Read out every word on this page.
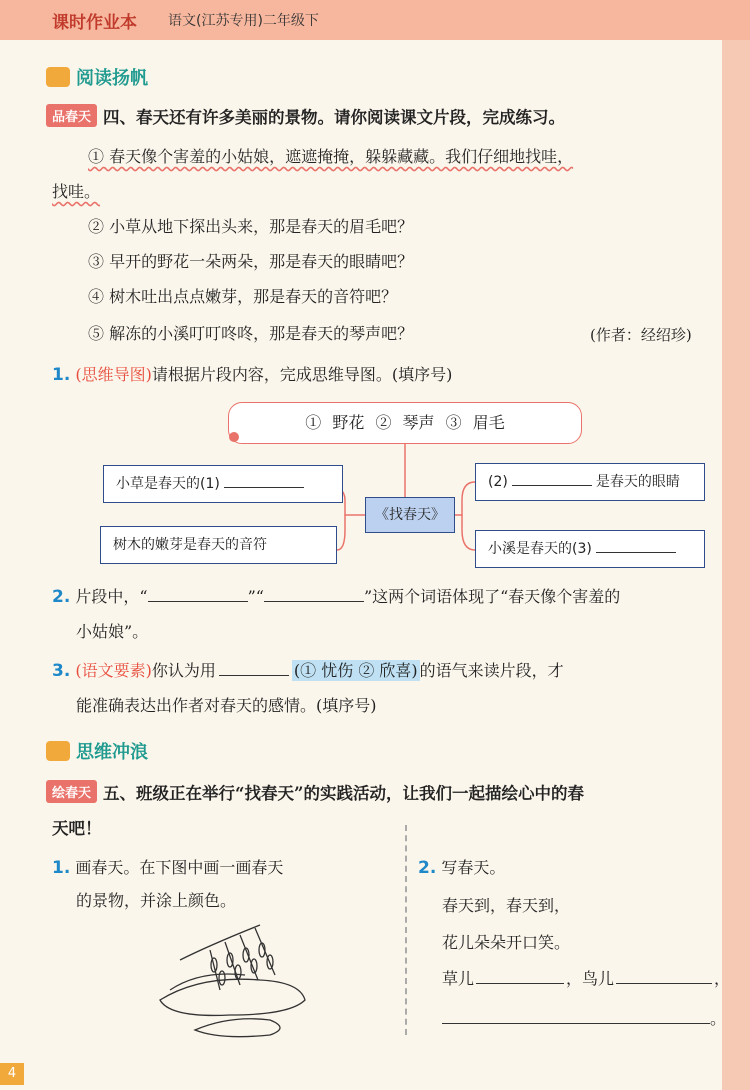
课时作业本 语文(江苏专用)二年级下
阅读扬帆
品春天 四、春天还有许多美丽的景物。请你阅读课文片段，完成练习。
① 春天像个害羞的小姑娘，遮遮掩掩，躲躲藏藏。我们仔细地找哇，
找哇。
② 小草从地下探出头来，那是春天的眉毛吧？
③ 早开的野花一朵两朵，那是春天的眼睛吧？
④ 树木吐出点点嫩芽，那是春天的音符吧？
⑤ 解冻的小溪叮叮咚咚，那是春天的琴声吧？	(作者：经绍珍)
1. (思维导图)请根据片段内容，完成思维导图。(填序号)
① 野花 ② 琴声 ③ 眉毛
小草是春天的(1)	(2)	是春天的眼睛
《找春天》
树木的嫩芽是春天的音符	小溪是春天的(3)
2. 片段中，“	”“	”这两个词语体现了“春天像个害羞的
小姑娘”。
3. (语文要素)你认为用	(① 忧伤 ② 欣喜) 的语气来读片段，才
能准确表达出作者对春天的感情。(填序号)
思维冲浪
绘春天 五、班级正在举行“找春天”的实践活动，让我们一起描绘心中的春
天吧！
1. 画春天。在下图中画一画春天
的景物，并涂上颜色。
2. 写春天。
春天到，春天到，
花儿朵朵开口笑。
草儿	，鸟儿	，
。
4
